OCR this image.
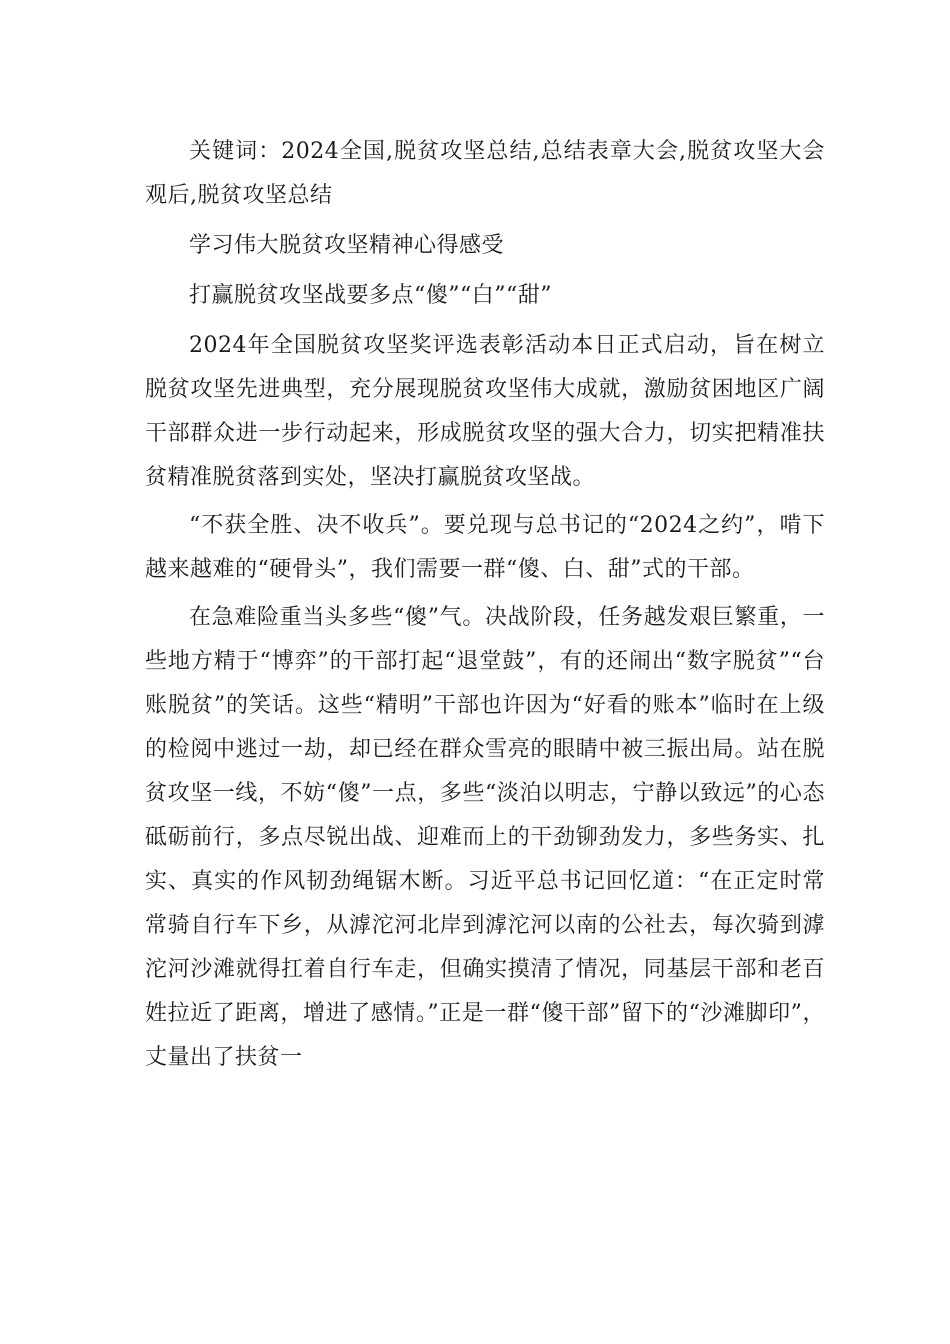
关键词：2024全国,脱贫攻坚总结,总结表章大会,脱贫攻坚大会观后,脱贫攻坚总结

学习伟大脱贫攻坚精神心得感受

打赢脱贫攻坚战要多点“傻”“白”“甜”

2024年全国脱贫攻坚奖评选表彰活动本日正式启动，旨在树立脱贫攻坚先进典型，充分展现脱贫攻坚伟大成就，激励贫困地区广阔干部群众进一步行动起来，形成脱贫攻坚的强大合力，切实把精准扶贫精准脱贫落到实处，坚决打赢脱贫攻坚战。

“不获全胜、决不收兵”。要兑现与总书记的“2024之约”，啃下越来越难的“硬骨头”，我们需要一群“傻、白、甜”式的干部。

在急难险重当头多些“傻”气。决战阶段，任务越发艰巨繁重，一些地方精于“博弈”的干部打起“退堂鼓”，有的还闹出“数字脱贫”“台账脱贫”的笑话。这些“精明”干部也许因为“好看的账本”临时在上级的检阅中逃过一劫，却已经在群众雪亮的眼睛中被三振出局。站在脱贫攻坚一线，不妨“傻”一点，多些“淡泊以明志，宁静以致远”的心态砥砺前行，多点尽锐出战、迎难而上的干劲铆劲发力，多些务实、扎实、真实的作风韧劲绳锯木断。习近平总书记回忆道：“在正定时常常骑自行车下乡，从滹沱河北岸到滹沱河以南的公社去，每次骑到滹沱河沙滩就得扛着自行车走，但确实摸清了情况，同基层干部和老百姓拉近了距离，增进了感情。”正是一群“傻干部”留下的“沙滩脚印”，丈量出了扶贫一
